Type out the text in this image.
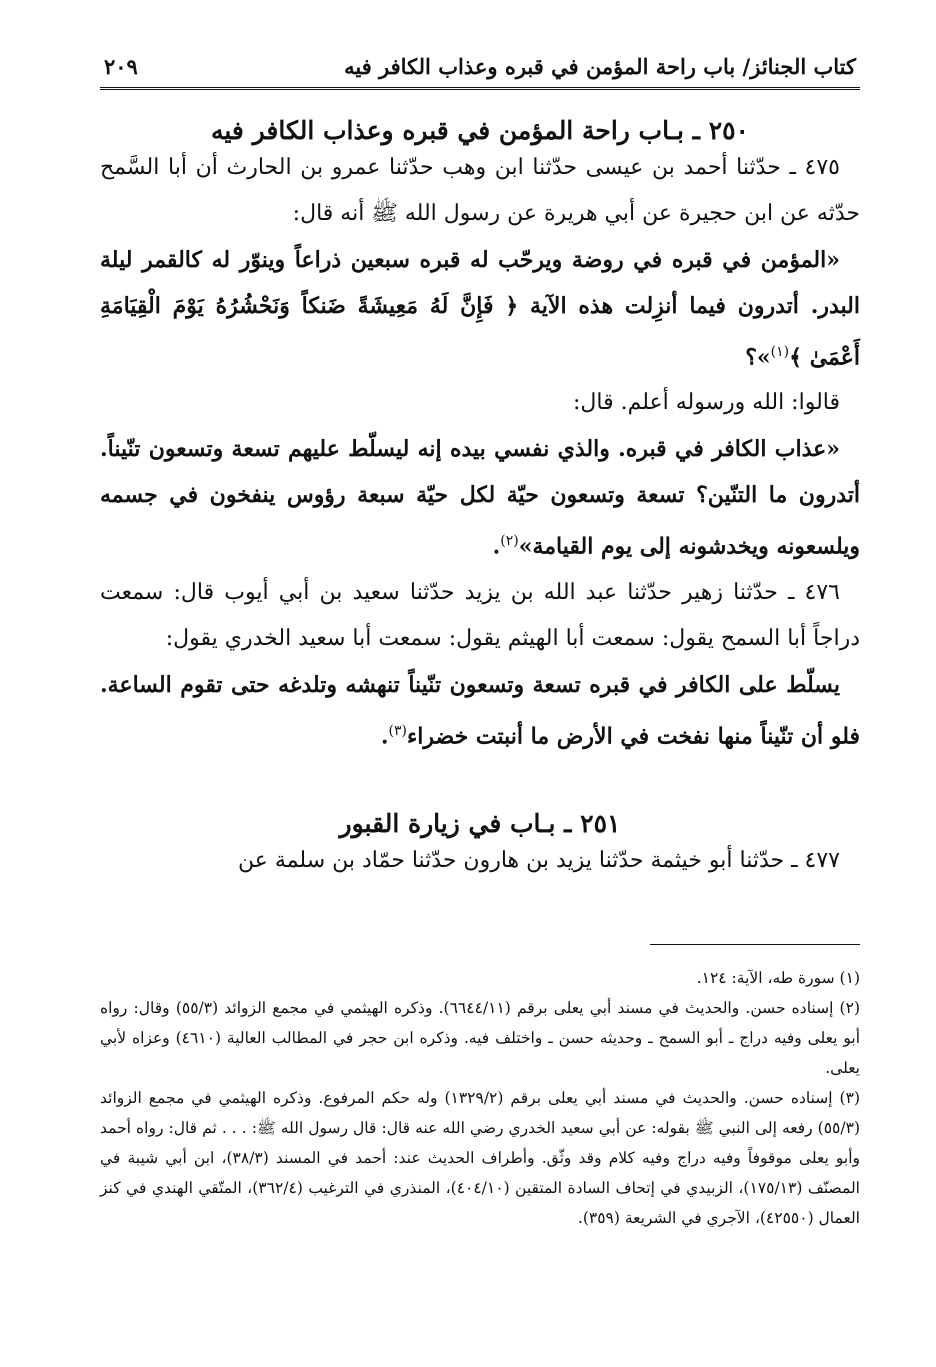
كتاب الجنائز/ باب راحة المؤمن في قبره وعذاب الكافر فيه
٢٠٩
٢٥٠ ـ بـاب راحة المؤمن في قبره وعذاب الكافر فيه

٤٧٥ ـ حدّثنا أحمد بن عيسى حدّثنا ابن وهب حدّثنا عمرو بن الحارث أن أبا السَّمح حدّثه عن ابن حجيرة عن أبي هريرة عن رسول الله ﷺ أنه قال:

«المؤمن في قبره في روضة ويرحّب له قبره سبعين ذراعاً وينوّر له كالقمر ليلة البدر. أتدرون فيما أنزِلت هذه الآية ﴿ فَإِنَّ لَهُ مَعِيشَةً ضَنكاً وَنَحْشُرُهُ يَوْمَ الْقِيَامَةِ أَعْمَىٰ ﴾$^{(١)}$»؟

قالوا: الله ورسوله أعلم. قال:

«عذاب الكافر في قبره. والذي نفسي بيده إنه ليسلّط عليهم تسعة وتسعون تنّيناً. أتدرون ما التنّين؟ تسعة وتسعون حيّة لكل حيّة سبعة رؤوس ينفخون في جسمه ويلسعونه ويخدشونه إلى يوم القيامة»$^{(٢)}$.

٤٧٦ ـ حدّثنا زهير حدّثنا عبد الله بن يزيد حدّثنا سعيد بن أبي أيوب قال: سمعت دراجاً أبا السمح يقول: سمعت أبا الهيثم يقول: سمعت أبا سعيد الخدري يقول:

يسلّط على الكافر في قبره تسعة وتسعون تنّيناً تنهشه وتلدغه حتى تقوم الساعة. فلو أن تنّيناً منها نفخت في الأرض ما أنبتت خضراء$^{(٣)}$.

٢٥١ ـ بـاب في زيارة القبور

٤٧٧ ـ حدّثنا أبو خيثمة حدّثنا يزيد بن هارون حدّثنا حمّاد بن سلمة عن

(١) سورة طه، الآية: ١٢٤.

(٢) إسناده حسن. والحديث في مسند أبي يعلى برقم (٦٦٤٤/١١). وذكره الهيثمي في مجمع الزوائد (٥٥/٣) وقال: رواه أبو يعلى وفيه دراج ـ أبو السمح ـ وحديثه حسن ـ واختلف فيه. وذكره ابن حجر في المطالب العالية (٤٦١٠) وعزاه لأبي يعلى.

(٣) إسناده حسن. والحديث في مسند أبي يعلى برقم (١٣٢٩/٢) وله حكم المرفوع. وذكره الهيثمي في مجمع الزوائد (٥٥/٣) رفعه إلى النبي ﷺ بقوله: عن أبي سعيد الخدري رضي الله عنه قال: قال رسول الله ﷺ: . . . ثم قال: رواه أحمد وأبو يعلى موقوفاً وفيه دراج وفيه كلام وقد وثّق. وأطراف الحديث عند: أحمد في المسند (٣٨/٣)، ابن أبي شيبة في المصنّف (١٧٥/١٣)، الزبيدي في إتحاف السادة المتقين (٤٠٤/١٠)، المنذري في الترغيب (٣٦٢/٤)، المتّقي الهندي في كنز العمال (٤٢٥٥٠)، الآجري في الشريعة (٣٥٩).
